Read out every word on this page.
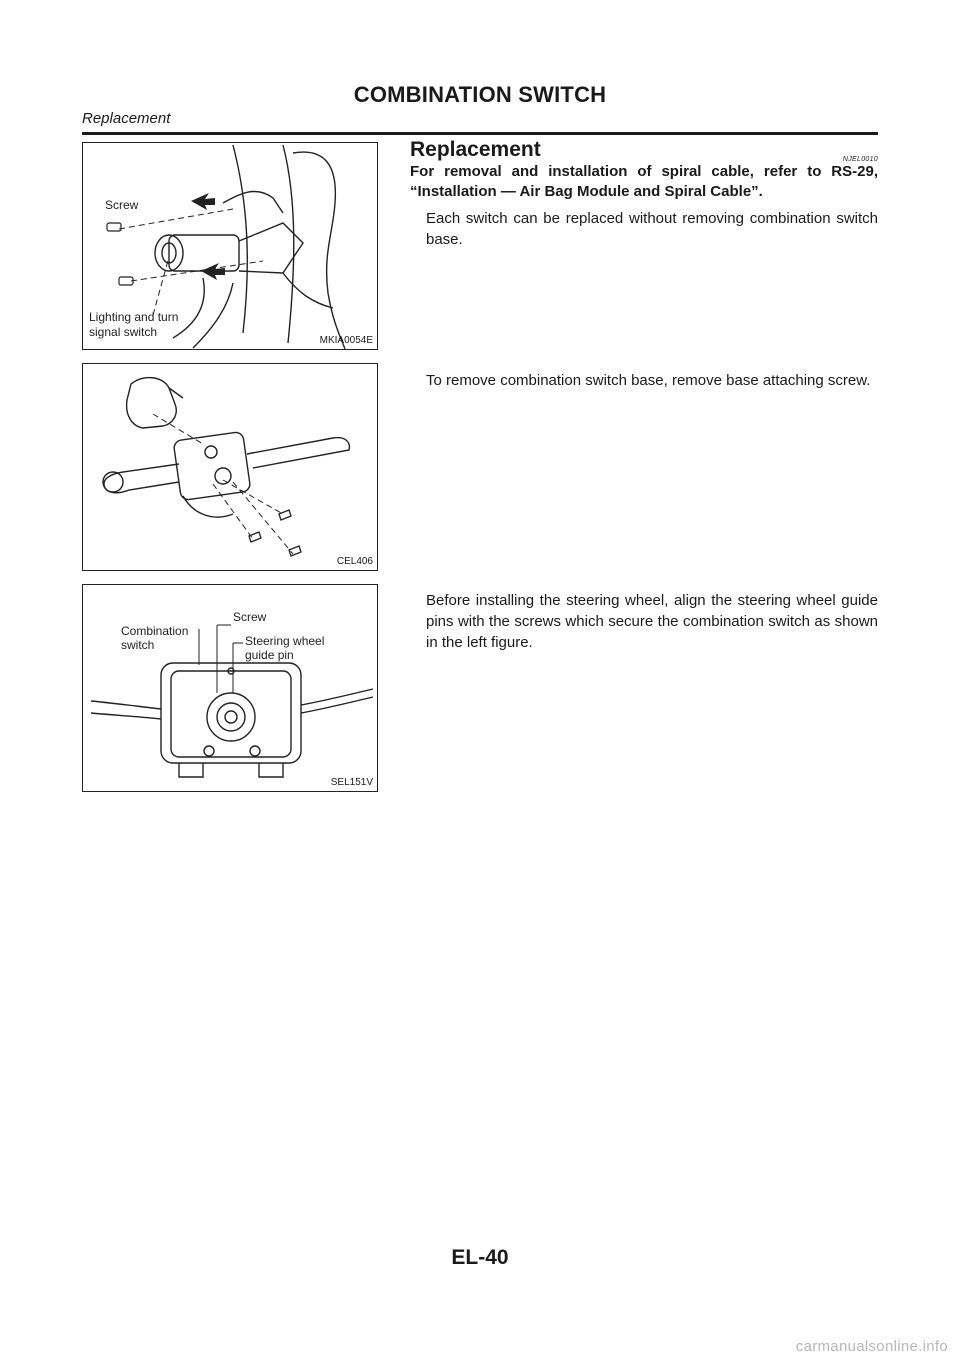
COMBINATION SWITCH
Replacement
Screw
Lighting and turn
signal switch
MKIA0054E
CEL406
Combination
switch
Screw
Steering wheel
guide pin
SEL151V
Replacement	NJEL0010
For removal and installation of spiral cable, refer to RS-29, “Installation — Air Bag Module and Spiral Cable”.
Each switch can be replaced without removing combination switch base.
To remove combination switch base, remove base attaching screw.
Before installing the steering wheel, align the steering wheel guide pins with the screws which secure the combination switch as shown in the left figure.
EL-40
carmanualsonline.info
